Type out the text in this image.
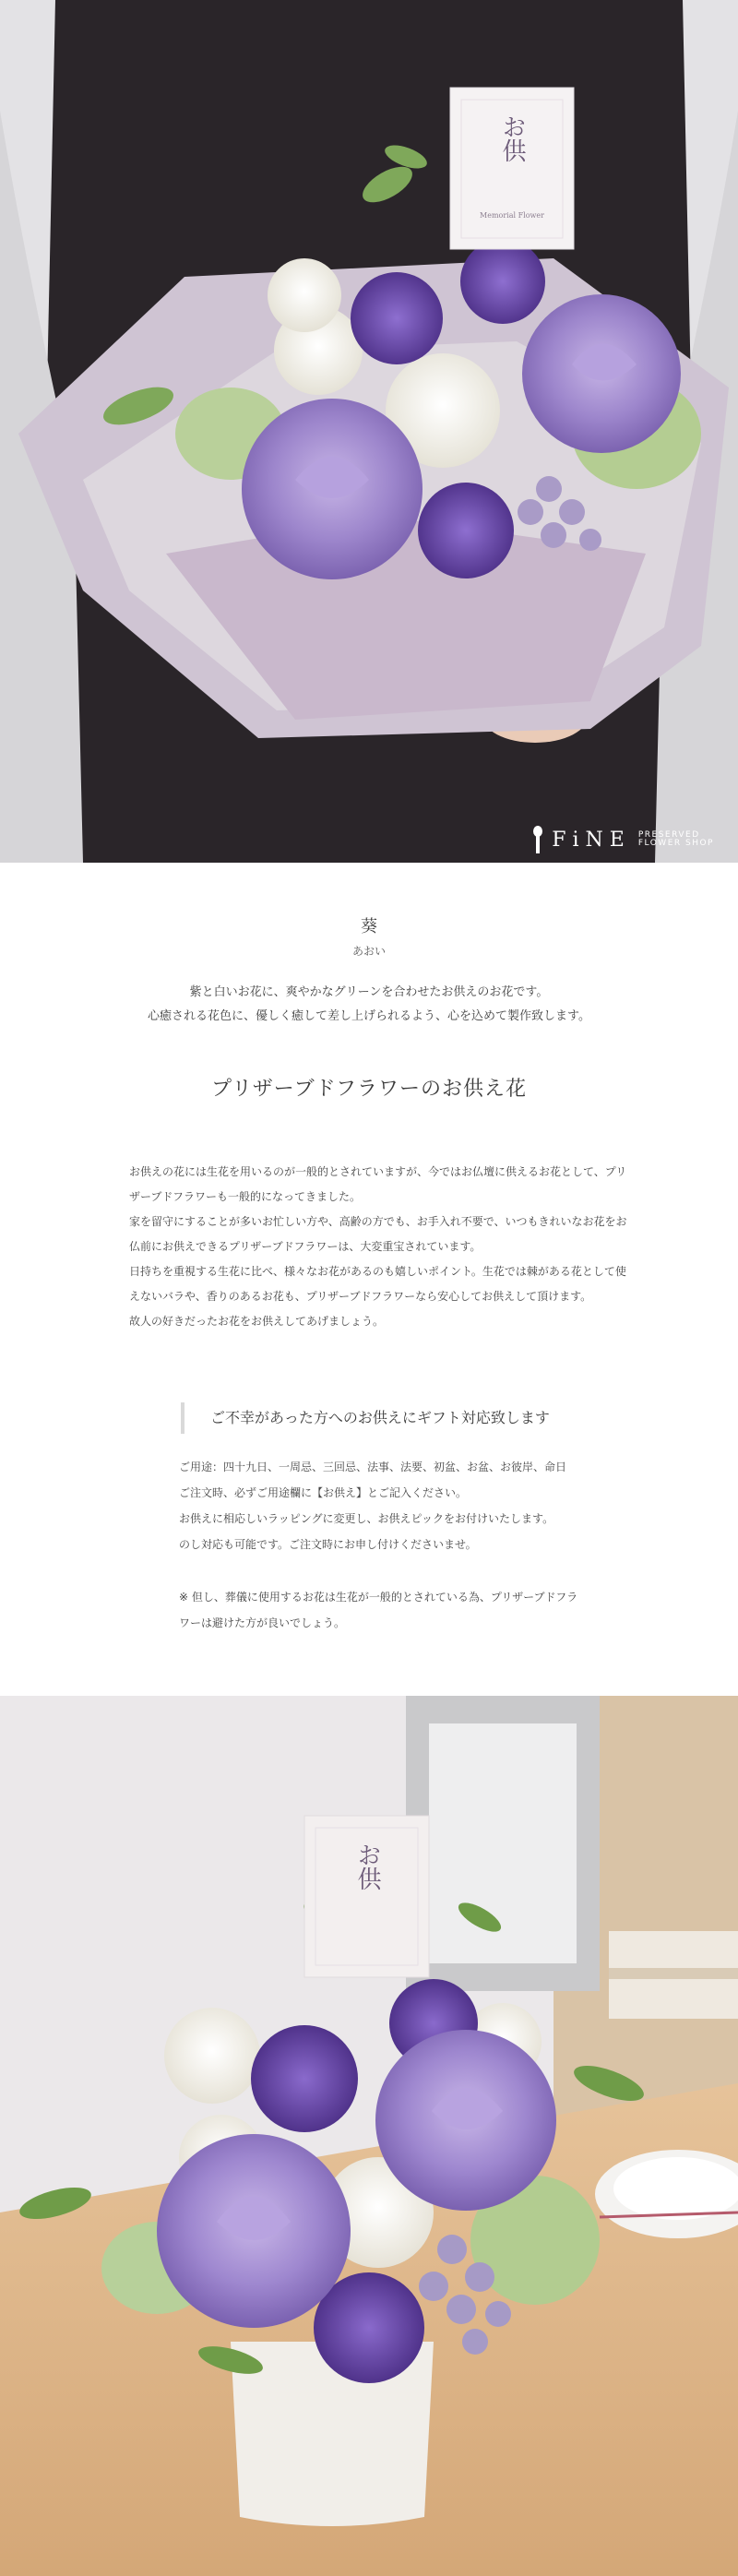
お供
Memorial Flower
FiNE PRESERVED
FLOWER SHOP
葵
あおい
紫と白いお花に、爽やかなグリーンを合わせたお供えのお花です。
心癒される花色に、優しく癒して差し上げられるよう、心を込めて製作致します。
プリザーブドフラワーのお供え花
お供えの花には生花を用いるのが一般的とされていますが、今ではお仏壇に供えるお花として、プリ
ザーブドフラワーも一般的になってきました。
家を留守にすることが多いお忙しい方や、高齢の方でも、お手入れ不要で、いつもきれいなお花をお
仏前にお供えできるプリザーブドフラワーは、大変重宝されています。
日持ちを重視する生花に比べ、様々なお花があるのも嬉しいポイント。生花では棘がある花として使
えないバラや、香りのあるお花も、プリザーブドフラワーなら安心してお供えして頂けます。
故人の好きだったお花をお供えしてあげましょう。
ご不幸があった方へのお供えにギフト対応致します
ご用途：四十九日、一周忌、三回忌、法事、法要、初盆、お盆、お彼岸、命日
ご注文時、必ずご用途欄に【お供え】とご記入ください。
お供えに相応しいラッピングに変更し、お供えピックをお付けいたします。
のし対応も可能です。ご注文時にお申し付けくださいませ。
※ 但し、葬儀に使用するお花は生花が一般的とされている為、プリザーブドフラ
ワーは避けた方が良いでしょう。
お供
